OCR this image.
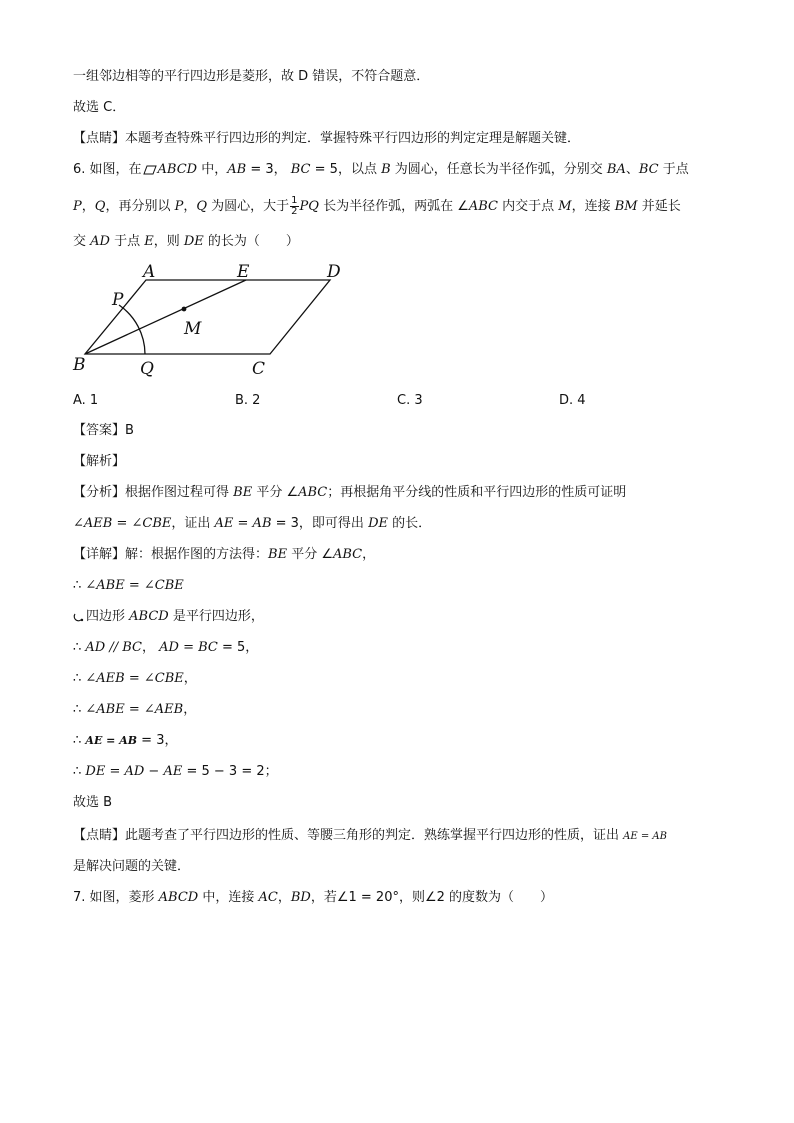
一组邻边相等的平行四边形是菱形，故 D 错误，不符合题意．
故选 C．
【点睛】本题考查特殊平行四边形的判定．掌握特殊平行四边形的判定定理是解题关键．
6. 如图，在 ABCD 中，AB = 3， BC = 5，以点 B 为圆心，任意长为半径作弧，分别交 BA、BC 于点
P，Q，再分别以 P，Q 为圆心，大于 $\frac{1}{2}$ PQ 长为半径作弧，两弧在 ∠ABC 内交于点 M，连接 BM 并延长
交 AD 于点 E，则 DE 的长为（　　）
A	E	D
P
M
B	Q	C
A. 1	B. 2	C. 3	D. 4
【答案】B
【解析】
【分析】根据作图过程可得 BE 平分 ∠ABC；再根据角平分线的性质和平行四边形的性质可证明
∠AEB = ∠CBE，证出 AE = AB = 3，即可得出 DE 的长．
【详解】解：根据作图的方法得：BE 平分 ∠ABC，
∴ ∠ABE = ∠CBE
四边形 ABCD 是平行四边形，
∴ AD // BC， AD = BC = 5，
∴ ∠AEB = ∠CBE，
∴ ∠ABE = ∠AEB，
∴ AE = AB = 3，
∴ DE = AD − AE = 5 − 3 = 2；
故选 B
【点睛】此题考查了平行四边形的性质、等腰三角形的判定．熟练掌握平行四边形的性质，证出 AE = AB
是解决问题的关键．
7. 如图，菱形 ABCD 中，连接 AC，BD，若∠1 = 20°，则∠2 的度数为（　　）
